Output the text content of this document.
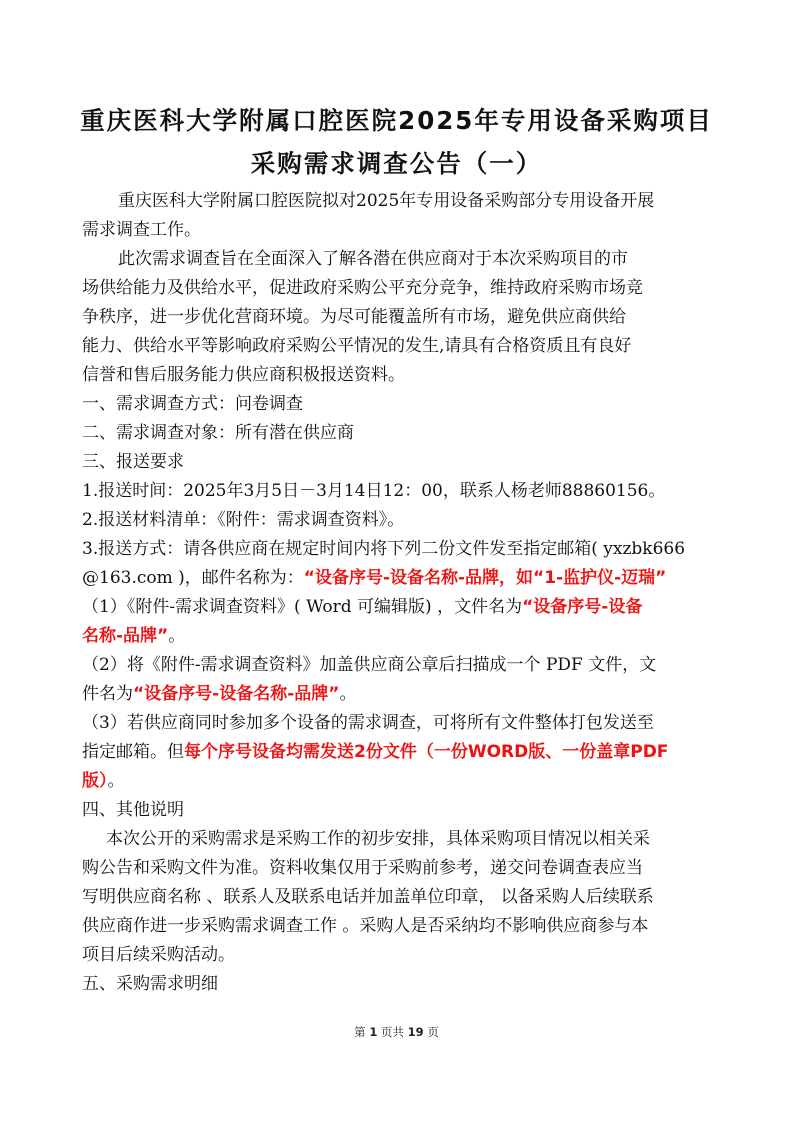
重庆医科大学附属口腔医院2025年专用设备采购项目
采购需求调查公告（一）
重庆医科大学附属口腔医院拟对2025年专用设备采购部分专用设备开展
需求调查工作。
此次需求调查旨在全面深入了解各潜在供应商对于本次采购项目的市
场供给能力及供给水平，促进政府采购公平充分竞争，维持政府采购市场竞
争秩序，进一步优化营商环境。为尽可能覆盖所有市场，避免供应商供给
能力、供给水平等影响政府采购公平情况的发生,请具有合格资质且有良好
信誉和售后服务能力供应商积极报送资料。
一、需求调查方式：问卷调查
二、需求调查对象：所有潜在供应商
三、报送要求
1.报送时间：2025年3月5日－3月14日12：00，联系人杨老师88860156。
2.报送材料清单：《附件：需求调查资料》。
3.报送方式：请各供应商在规定时间内将下列二份文件发至指定邮箱( yxzbk666
@163.com )，邮件名称为：“设备序号-设备名称-品牌，如“1-监护仪-迈瑞”
（1）《附件-需求调查资料》( Word 可编辑版) ，文件名为“设备序号-设备
名称-品牌”。
（2）将《附件-需求调查资料》加盖供应商公章后扫描成一个 PDF 文件，文
件名为“设备序号-设备名称-品牌”。
（3）若供应商同时参加多个设备的需求调查，可将所有文件整体打包发送至
指定邮箱。但每个序号设备均需发送2份文件（一份WORD版、一份盖章PDF
版）。
四、其他说明
本次公开的采购需求是采购工作的初步安排，具体采购项目情况以相关采
购公告和采购文件为准。资料收集仅用于采购前参考，递交问卷调查表应当
写明供应商名称 、联系人及联系电话并加盖单位印章， 以备采购人后续联系
供应商作进一步采购需求调查工作 。采购人是否采纳均不影响供应商参与本
项目后续采购活动。
五、采购需求明细
第 1 页共 19 页
